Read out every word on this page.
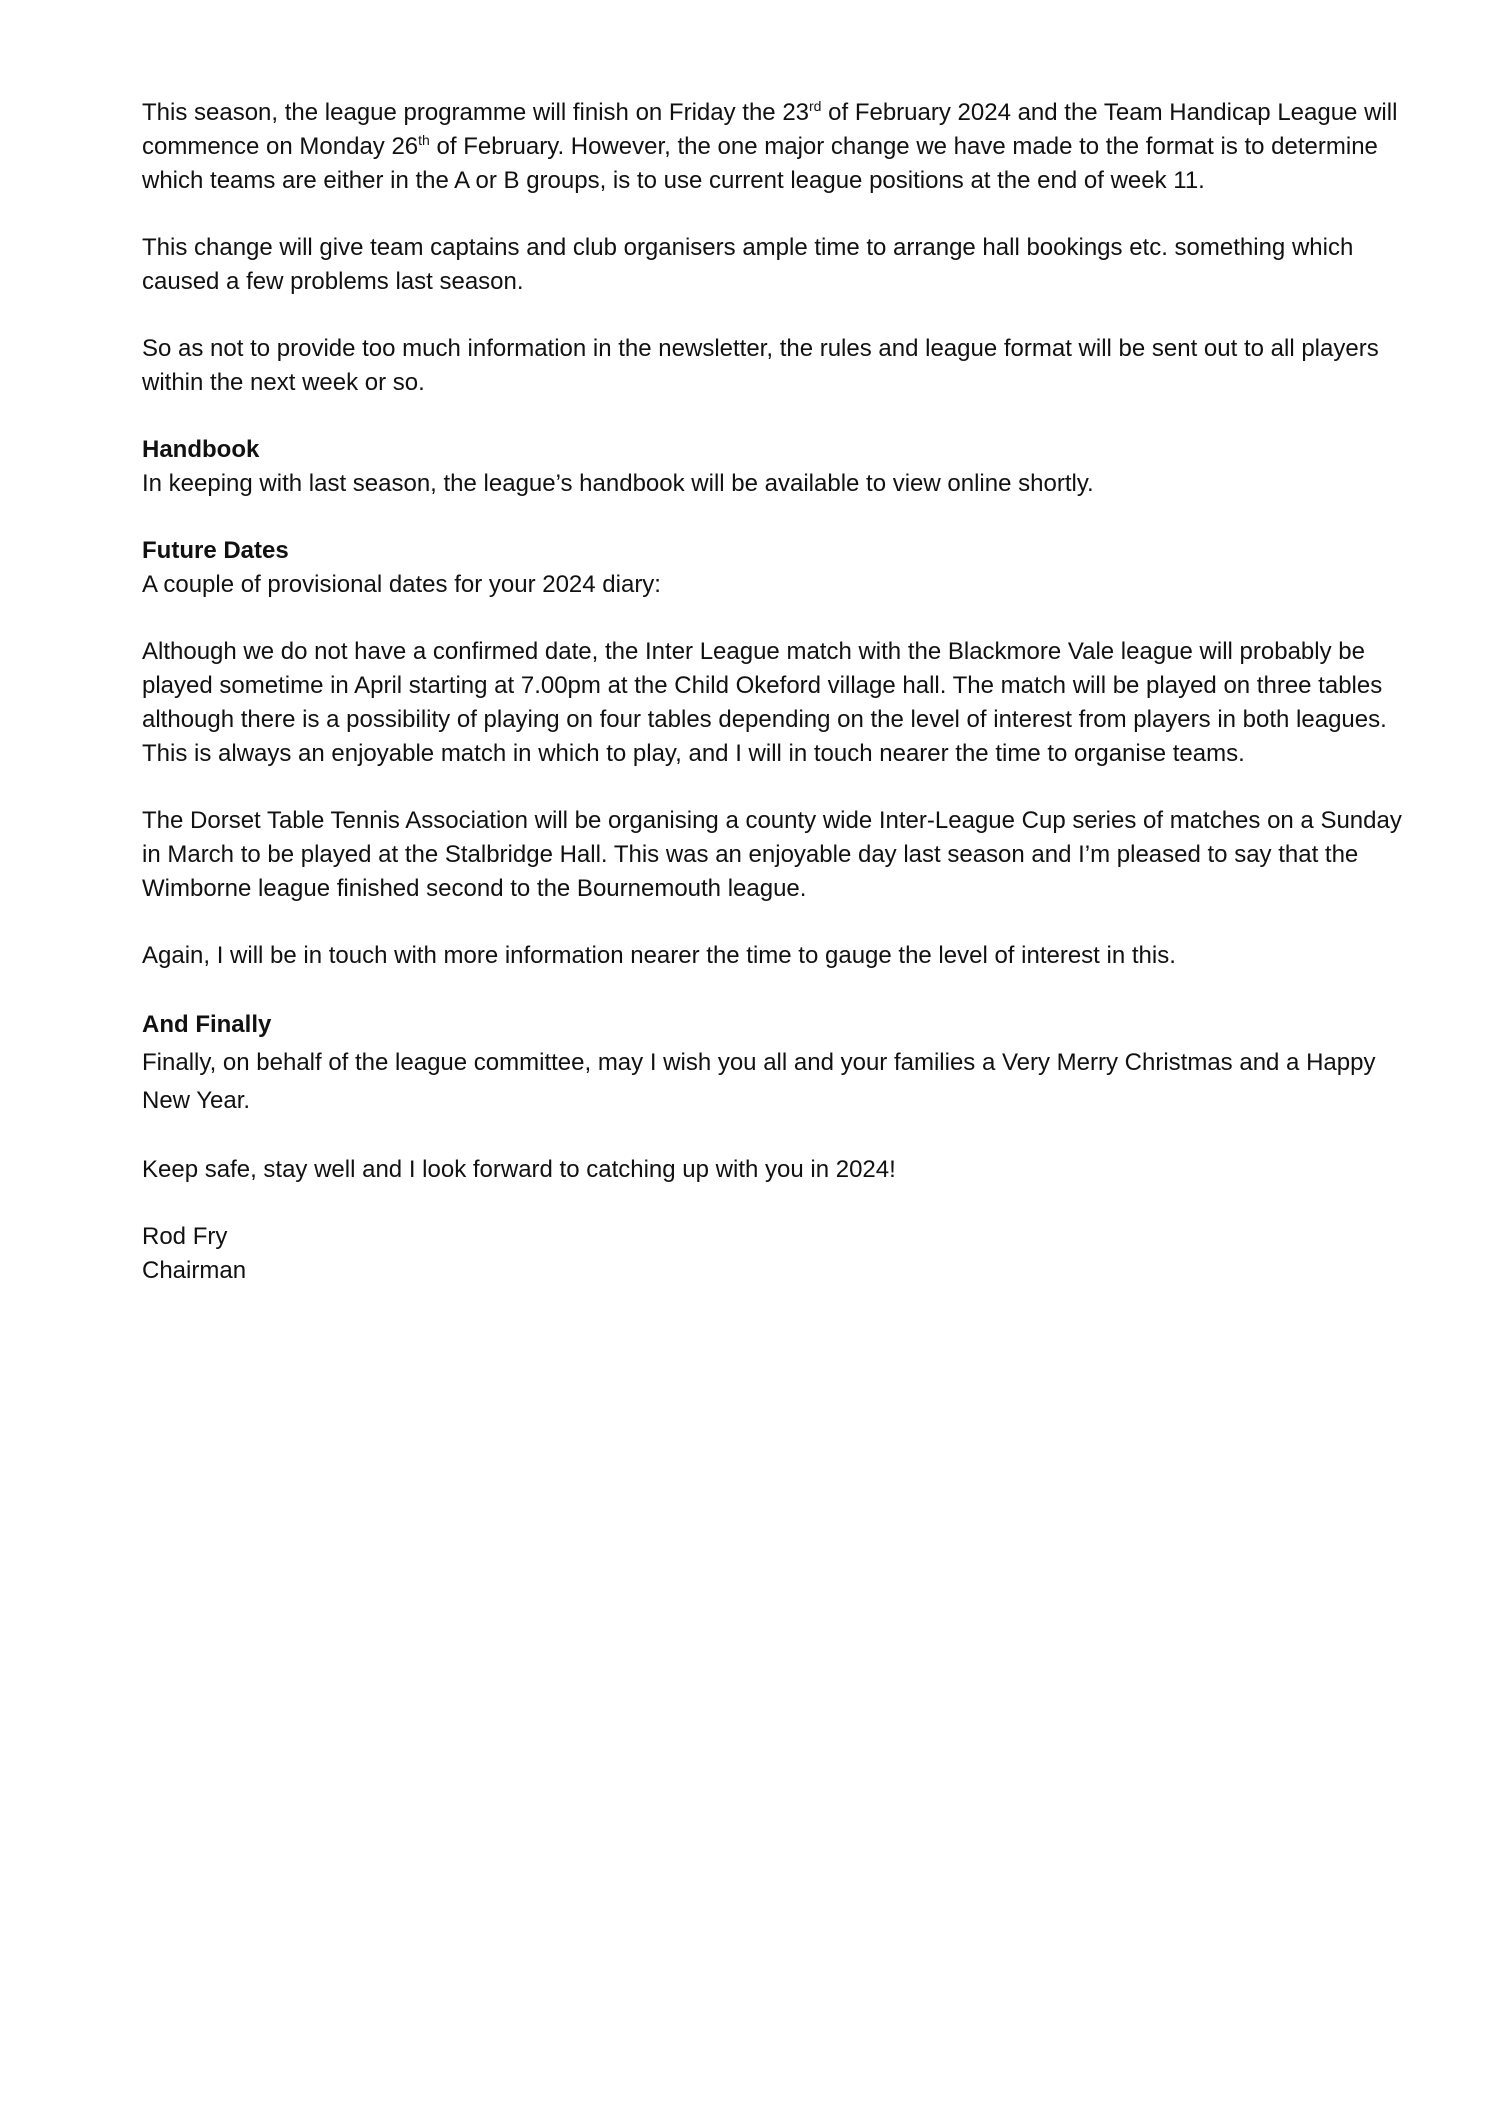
This season, the league programme will finish on Friday the 23rd of February 2024 and the Team Handicap League will commence on Monday 26th of February. However, the one major change we have made to the format is to determine which teams are either in the A or B groups, is to use current league positions at the end of week 11.

This change will give team captains and club organisers ample time to arrange hall bookings etc. something which caused a few problems last season.

So as not to provide too much information in the newsletter, the rules and league format will be sent out to all players within the next week or so.

Handbook

In keeping with last season, the league’s handbook will be available to view online shortly.

Future Dates

A couple of provisional dates for your 2024 diary:

Although we do not have a confirmed date, the Inter League match with the Blackmore Vale league will probably be played sometime in April starting at 7.00pm at the Child Okeford village hall. The match will be played on three tables although there is a possibility of playing on four tables depending on the level of interest from players in both leagues. This is always an enjoyable match in which to play, and I will in touch nearer the time to organise teams.

The Dorset Table Tennis Association will be organising a county wide Inter-League Cup series of matches on a Sunday in March to be played at the Stalbridge Hall. This was an enjoyable day last season and I’m pleased to say that the Wimborne league finished second to the Bournemouth league.

Again, I will be in touch with more information nearer the time to gauge the level of interest in this.

And Finally

Finally, on behalf of the league committee, may I wish you all and your families a Very Merry Christmas and a Happy New Year.

Keep safe, stay well and I look forward to catching up with you in 2024!

Rod Fry

Chairman
